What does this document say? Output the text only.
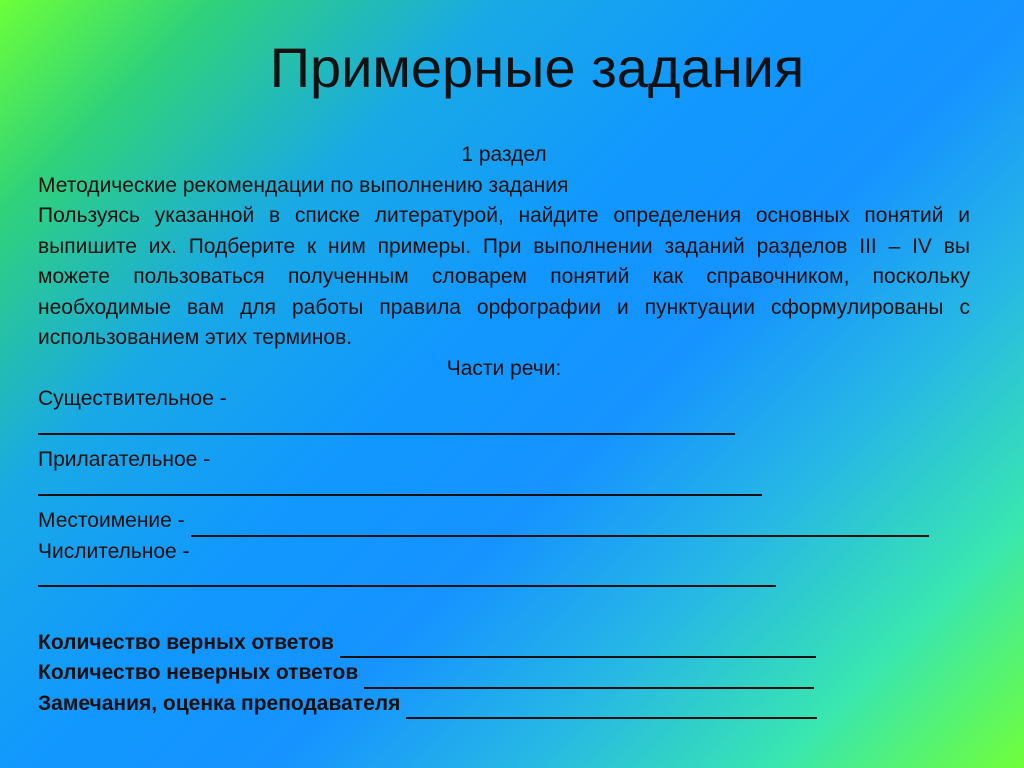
Примерные задания
1 раздел
Методические рекомендации по выполнению задания
Пользуясь указанной в списке литературой, найдите определения основных понятий и выпишите их. Подберите к ним примеры. При выполнении заданий разделов III – IV вы можете пользоваться полученным словарем понятий как справочником, поскольку необходимые вам для работы правила орфографии и пунктуации сформулированы с использованием этих терминов.
Части речи:
Существительное -
Прилагательное -
Местоимение -
Числительное -
Количество верных ответов
Количество неверных ответов
Замечания, оценка преподавателя
